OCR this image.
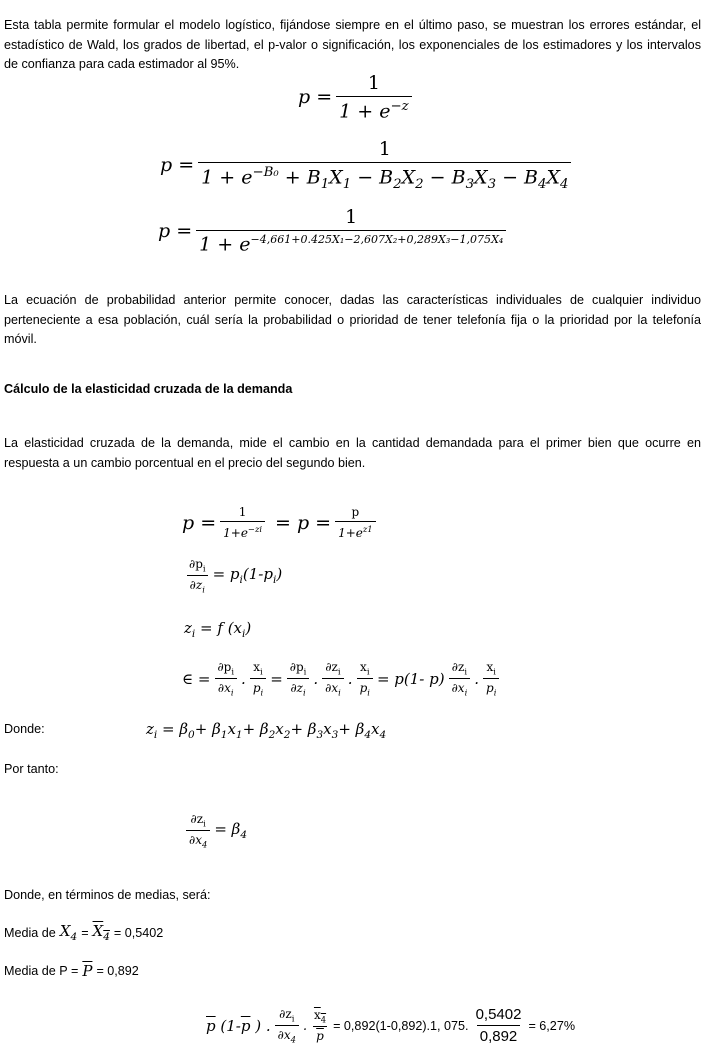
Esta tabla permite formular el modelo logístico, fijándose siempre en el último paso, se muestran los errores estándar, el estadístico de Wald, los grados de libertad, el p-valor o significación, los exponenciales de los estimadores y los intervalos de confianza para cada estimador al 95%.

$p = \frac{1}{1 + e^{-z}}$
$p = \frac{1}{1 + e^{-B_0} + B_1X_1 - B_2X_2 - B_3X_3 - B_4X_4}$
$p = \frac{1}{1 + e^{-4,661+0.425X_1-2,607X_2+0,289X_3-1,075X_4}}$

La ecuación de probabilidad anterior permite conocer, dadas las características individuales de cualquier individuo perteneciente a esa población, cuál sería la probabilidad o prioridad de tener telefonía fija o la prioridad por la telefonía móvil.

Cálculo de la elasticidad cruzada de la demanda

La elasticidad cruzada de la demanda, mide el cambio en la cantidad demandada para el primer bien que ocurre en respuesta a un cambio porcentual en el precio del segundo bien.

$p = \frac{1}{1+e^{-zi}} = p = \frac{p}{1+e^{z1}}$
$\frac{\partial p_i}{\partial z_i} = p_i(1-p_i)$
$z_i = f$ $(x_i)$
∈ = $\frac{\partial p_i}{\partial x_i}$ . $\frac{x_i}{p_i} = \frac{\partial p_i}{\partial z_i}$ . $\frac{\partial z_i}{\partial x_i}$ . $\frac{x_i}{p_i} = p(1-$ $p) \frac{\partial z_i}{\partial x_i}$ . $\frac{x_i}{p_i}$

Donde:	$z_i = \beta_0+ \beta_1x_1+ \beta_2x_2+ \beta_3x_3+ \beta_4x_4$

Por tanto:

$\frac{\partial z_i}{\partial x_4} = \beta_4$

Donde, en términos de medias, será:

Media de $X_4 = X_4 = 0,5402$
Media de $P = \overline{P} = 0,892$
$\overline{p}$ ($1-\overline{p}$ ) . $\frac{\partial z_i}{\partial x_4}$ . $\frac{x_4}{p} = 0,892(1-0,892).1$, 075. $\frac{0,5402}{0,892} = 6,27\%$
